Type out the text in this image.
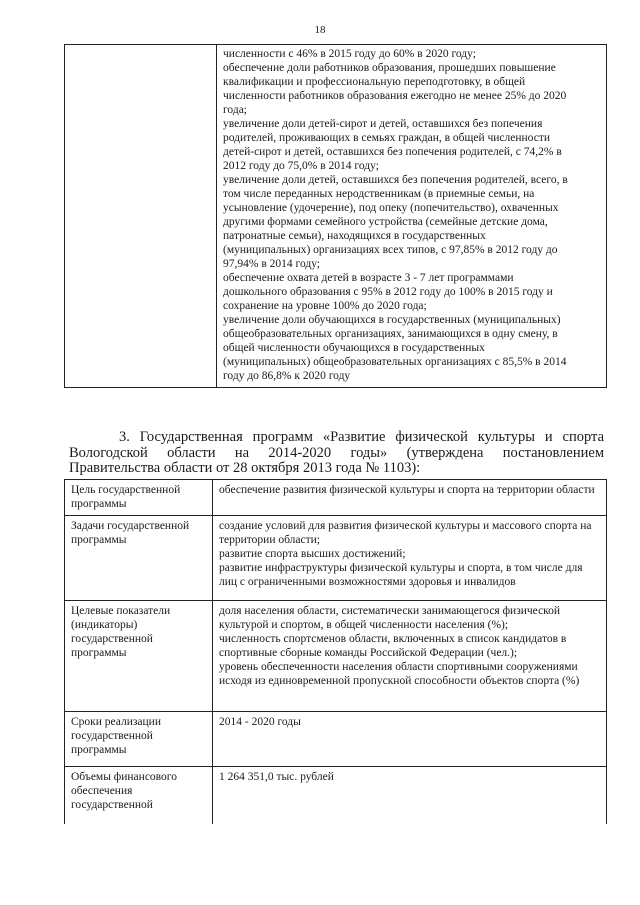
18

численности с 46% в 2015 году до 60% в 2020 году;
обеспечение доли работников образования, прошедших повышение
квалификации и профессиональную переподготовку, в общей
численности работников образования ежегодно не менее 25% до 2020
года;
увеличение доли детей-сирот и детей, оставшихся без попечения
родителей, проживающих в семьях граждан, в общей численности
детей-сирот и детей, оставшихся без попечения родителей, с 74,2% в
2012 году до 75,0% в 2014 году;
увеличение доли детей, оставшихся без попечения родителей, всего, в
том числе переданных неродственникам (в приемные семьи, на
усыновление (удочерение), под опеку (попечительство), охваченных
другими формами семейного устройства (семейные детские дома,
патронатные семьи), находящихся в государственных
(муниципальных) организациях всех типов, с 97,85% в 2012 году до
97,94% в 2014 году;
обеспечение охвата детей в возрасте 3 - 7 лет программами
дошкольного образования с 95% в 2012 году до 100% в 2015 году и
сохранение на уровне 100% до 2020 года;
увеличение доли обучающихся в государственных (муниципальных)
общеобразовательных организациях, занимающихся в одну смену, в
общей численности обучающихся в государственных
(муниципальных) общеобразовательных организациях с 85,5% в 2014
году до 86,8% к 2020 году
3. Государственная программ «Развитие физической культуры и спорта Вологодской области на 2014-2020 годы» (утверждена постановлением Правительства области от 28 октября 2013 года № 1103):
Цель государственной программы	обеспечение развития физической культуры и спорта на территории области

Задачи государственной программы	создание условий для развития физической культуры и массового спорта на территории области;
развитие спорта высших достижений;
развитие инфраструктуры физической культуры и спорта, в том числе для лиц с ограниченными возможностями здоровья и инвалидов

Целевые показатели (индикаторы) государственной программы	доля населения области, систематически занимающегося физической культурой и спортом, в общей численности населения (%);
численность спортсменов области, включенных в список кандидатов в спортивные сборные команды Российской Федерации (чел.);
уровень обеспеченности населения области спортивными сооружениями исходя из единовременной пропускной способности объектов спорта (%)

Сроки реализации государственной программы	2014 - 2020 годы

Объемы финансового обеспечения государственной	1 264 351,0 тыс. рублей
